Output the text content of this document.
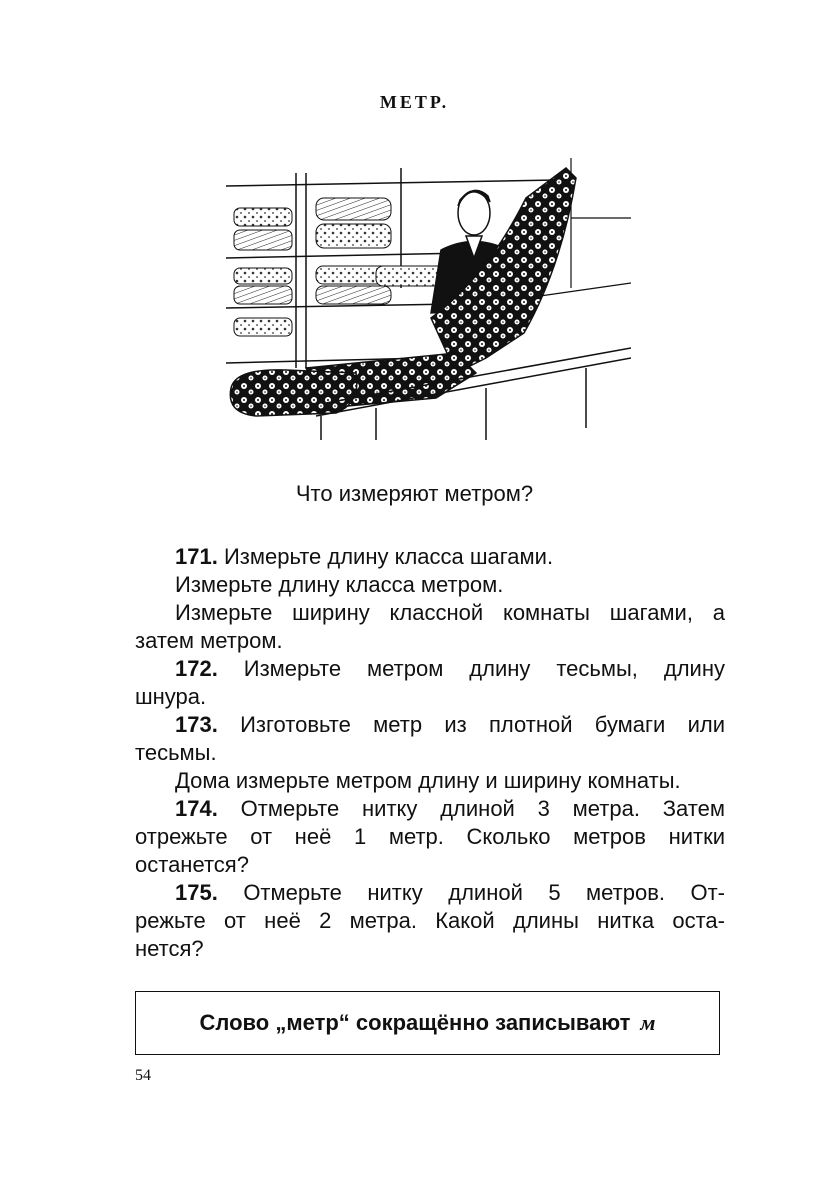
МЕТР.
Что измеряют метром?

171. Измерьте длину класса шагами.

Измерьте длину класса метром.

Измерьте ширину классной комнаты шагами, а

затем метром.

172. Измерьте метром длину тесьмы, длину

шнура.

173. Изготовьте метр из плотной бумаги или

тесьмы.

Дома измерьте метром длину и ширину комнаты.

174. Отмерьте нитку длиной 3 метра. Затем

отрежьте от неё 1 метр. Сколько метров нитки

останется?

175. Отмерьте нитку длиной 5 метров. От-

режьте от неё 2 метра. Какой длины нитка оста-

нется?

Слово „метр“ сокращённо записывают м
54
